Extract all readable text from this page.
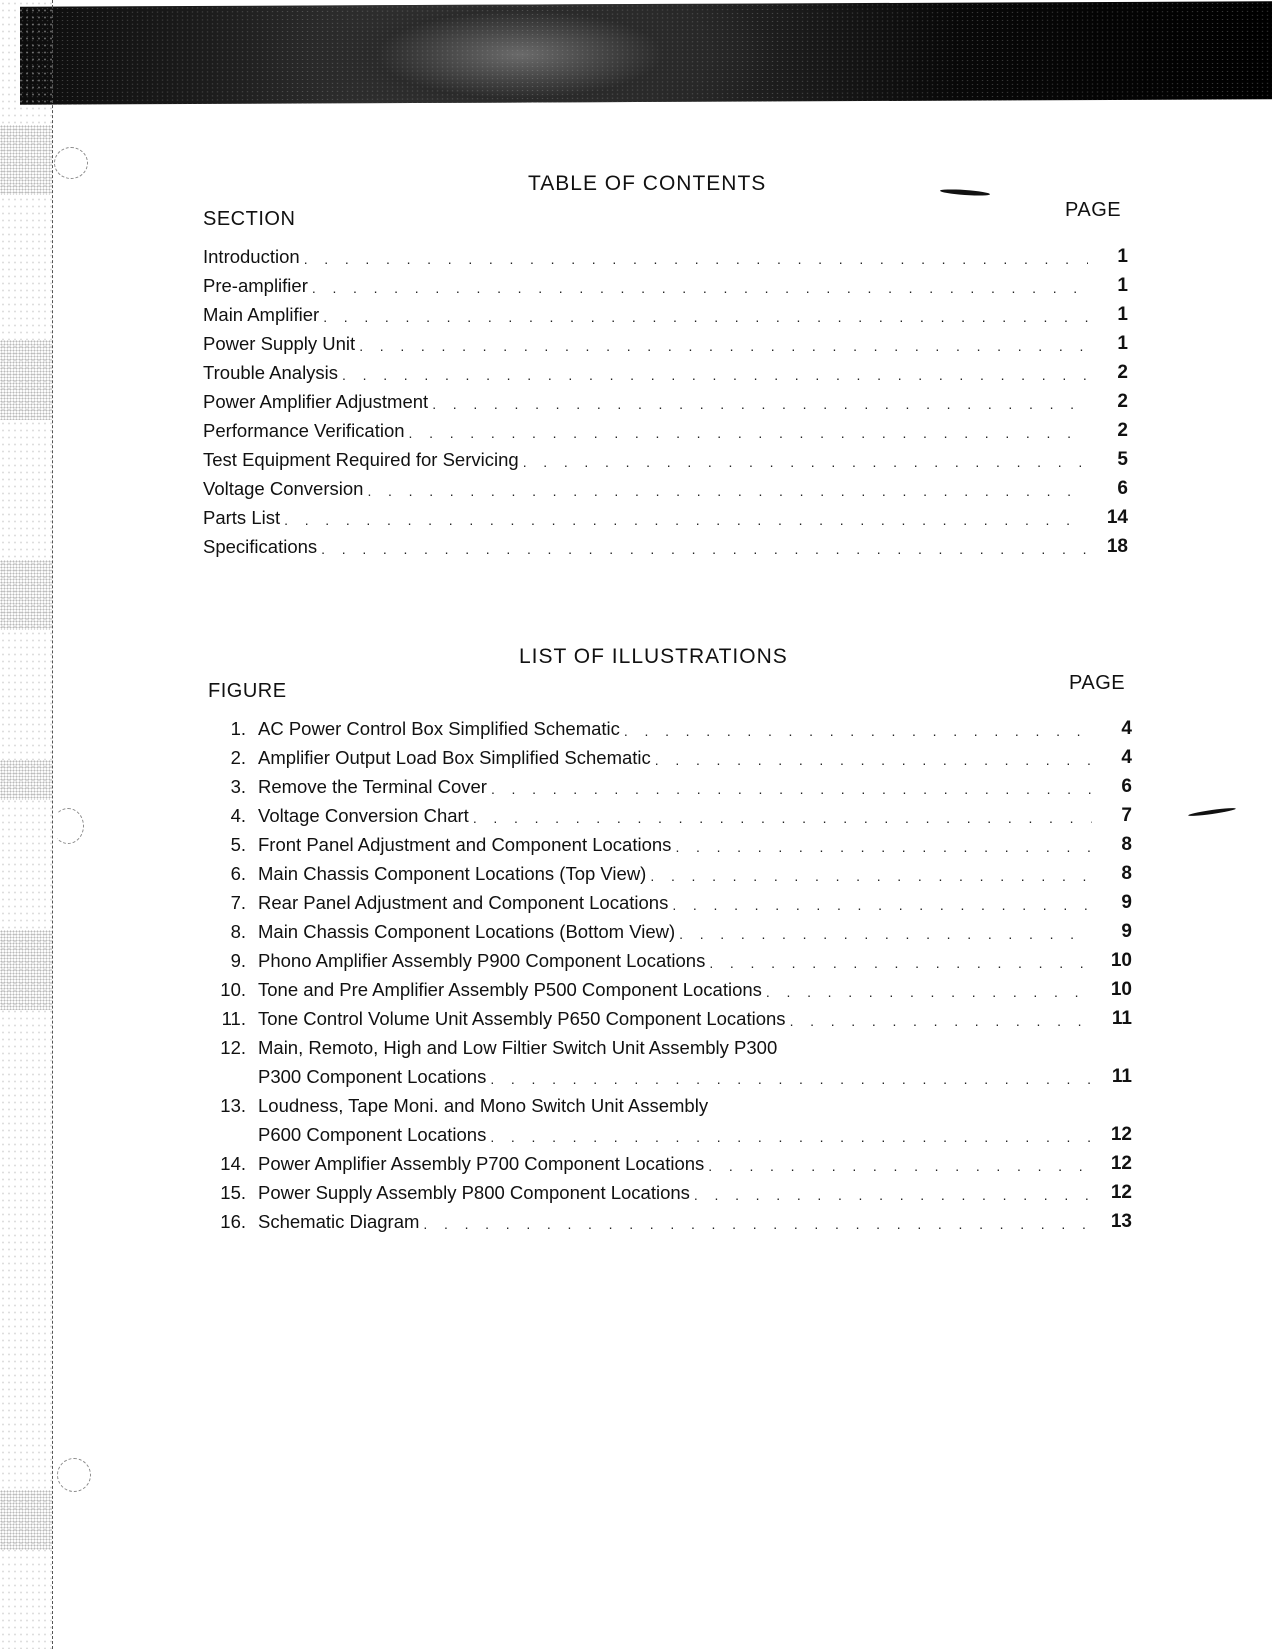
TABLE OF CONTENTS
SECTION	PAGE
Introduction . . .	1
Pre-amplifier . . .	1
Main Amplifier . . .	1
Power Supply Unit . . .	1
Trouble Analysis . . .	2
Power Amplifier Adjustment . . .	2
Performance Verification . . .	2
Test Equipment Required for Servicing . . .	5
Voltage Conversion . . .	6
Parts List . . .	14
Specifications . . .	18
LIST OF ILLUSTRATIONS
FIGURE	PAGE
1. AC Power Control Box Simplified Schematic . . .	4
2. Amplifier Output Load Box Simplified Schematic . . .	4
3. Remove the Terminal Cover . . .	6
4. Voltage Conversion Chart . . .	7
5. Front Panel Adjustment and Component Locations . . .	8
6. Main Chassis Component Locations (Top View) . . .	8
7. Rear Panel Adjustment and Component Locations . . .	9
8. Main Chassis Component Locations (Bottom View) . . .	9
9. Phono Amplifier Assembly P900 Component Locations . . .	10
10. Tone and Pre Amplifier Assembly P500 Component Locations . . .	10
11. Tone Control Volume Unit Assembly P650 Component Locations . . .	11
12. Main, Remoto, High and Low Filtier Switch Unit Assembly P300
P300 Component Locations . . .	11
13. Loudness, Tape Moni. and Mono Switch Unit Assembly
P600 Component Locations . . .	12
14. Power Amplifier Assembly P700 Component Locations . . .	12
15. Power Supply Assembly P800 Component Locations . . .	12
16. Schematic Diagram . . .	13
